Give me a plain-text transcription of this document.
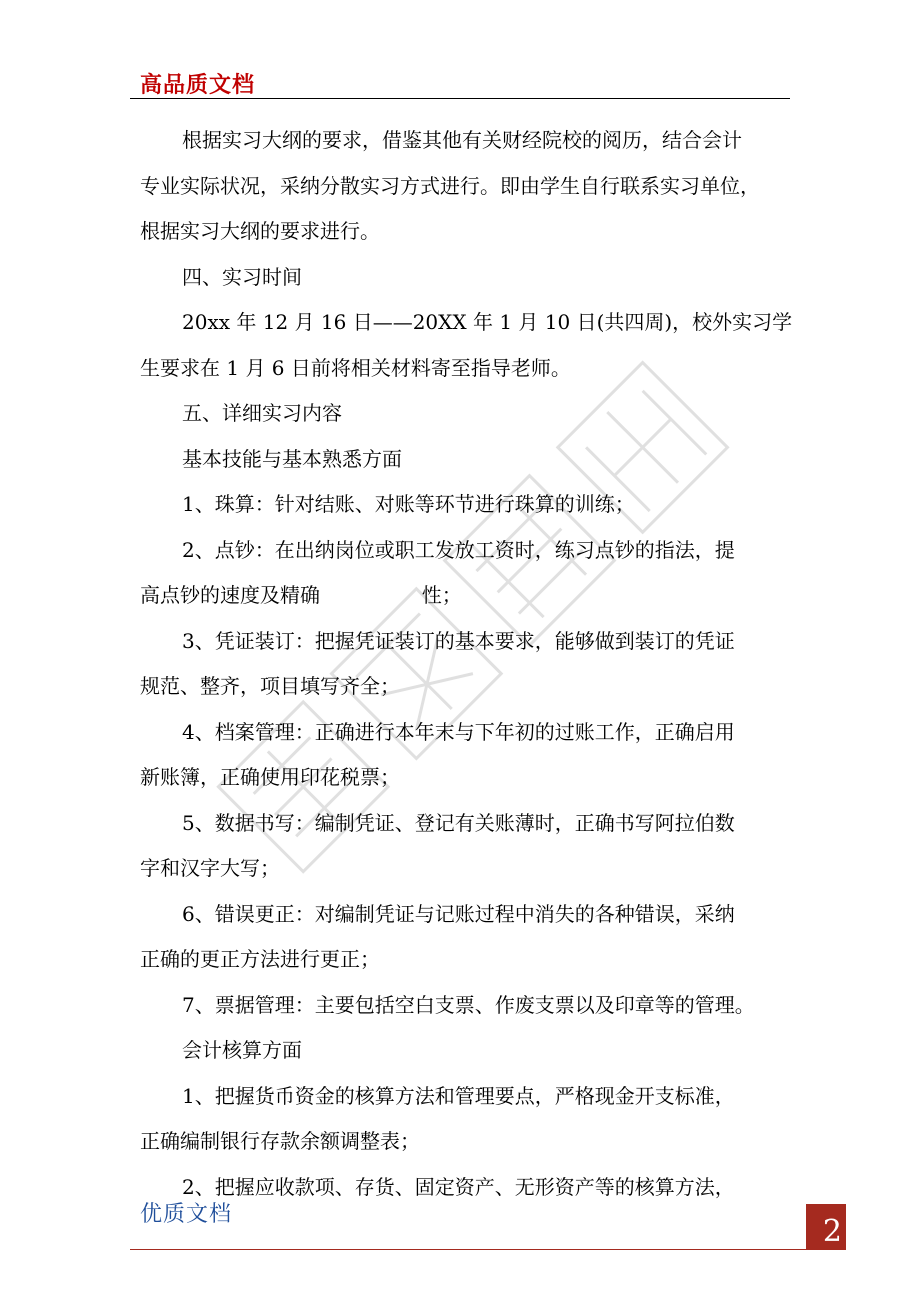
高品质文档

根据实习大纲的要求，借鉴其他有关财经院校的阅历，结合会计

专业实际状况，采纳分散实习方式进行。即由学生自行联系实习单位，

根据实习大纲的要求进行。

四、实习时间

20xx 年 12 月 16 日——20XX 年 1 月 10 日(共四周)，校外实习学

生要求在 1 月 6 日前将相关材料寄至指导老师。

五、详细实习内容

基本技能与基本熟悉方面

1、珠算：针对结账、对账等环节进行珠算的训练；

2、点钞：在出纳岗位或职工发放工资时，练习点钞的指法，提

高点钞的速度及精确                性；

3、凭证装订：把握凭证装订的基本要求，能够做到装订的凭证

规范、整齐，项目填写齐全；

4、档案管理：正确进行本年末与下年初的过账工作，正确启用

新账簿，正确使用印花税票；

5、数据书写：编制凭证、登记有关账薄时，正确书写阿拉伯数

字和汉字大写；

6、错误更正：对编制凭证与记账过程中消失的各种错误，采纳

正确的更正方法进行更正；

7、票据管理：主要包括空白支票、作废支票以及印章等的管理。

会计核算方面

1、把握货币资金的核算方法和管理要点，严格现金开支标准，

正确编制银行存款余额调整表；

2、把握应收款项、存货、固定资产、无形资产等的核算方法，

优质文档	2
